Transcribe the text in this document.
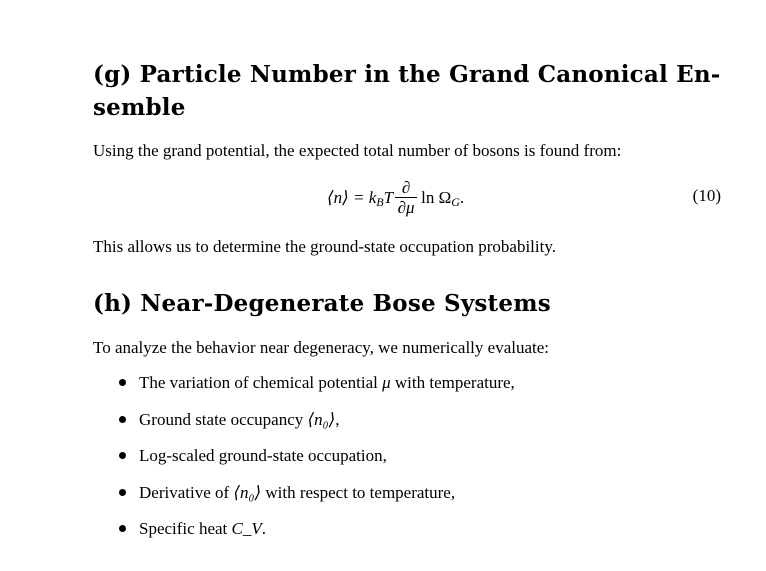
(g) Particle Number in the Grand Canonical En-
semble

Using the grand potential, the expected total number of bosons is found from:

⟨n⟩ = k B T $\frac{\partial}{\partial\mu}$ ln Ω G .	(10)

This allows us to determine the ground-state occupation probability.

(h) Near-Degenerate Bose Systems

To analyze the behavior near degeneracy, we numerically evaluate:

The variation of chemical potential μ with temperature,
Ground state occupancy ⟨n₀⟩,
Log-scaled ground-state occupation,
Derivative of ⟨n₀⟩ with respect to temperature,
Specific heat C_V.
